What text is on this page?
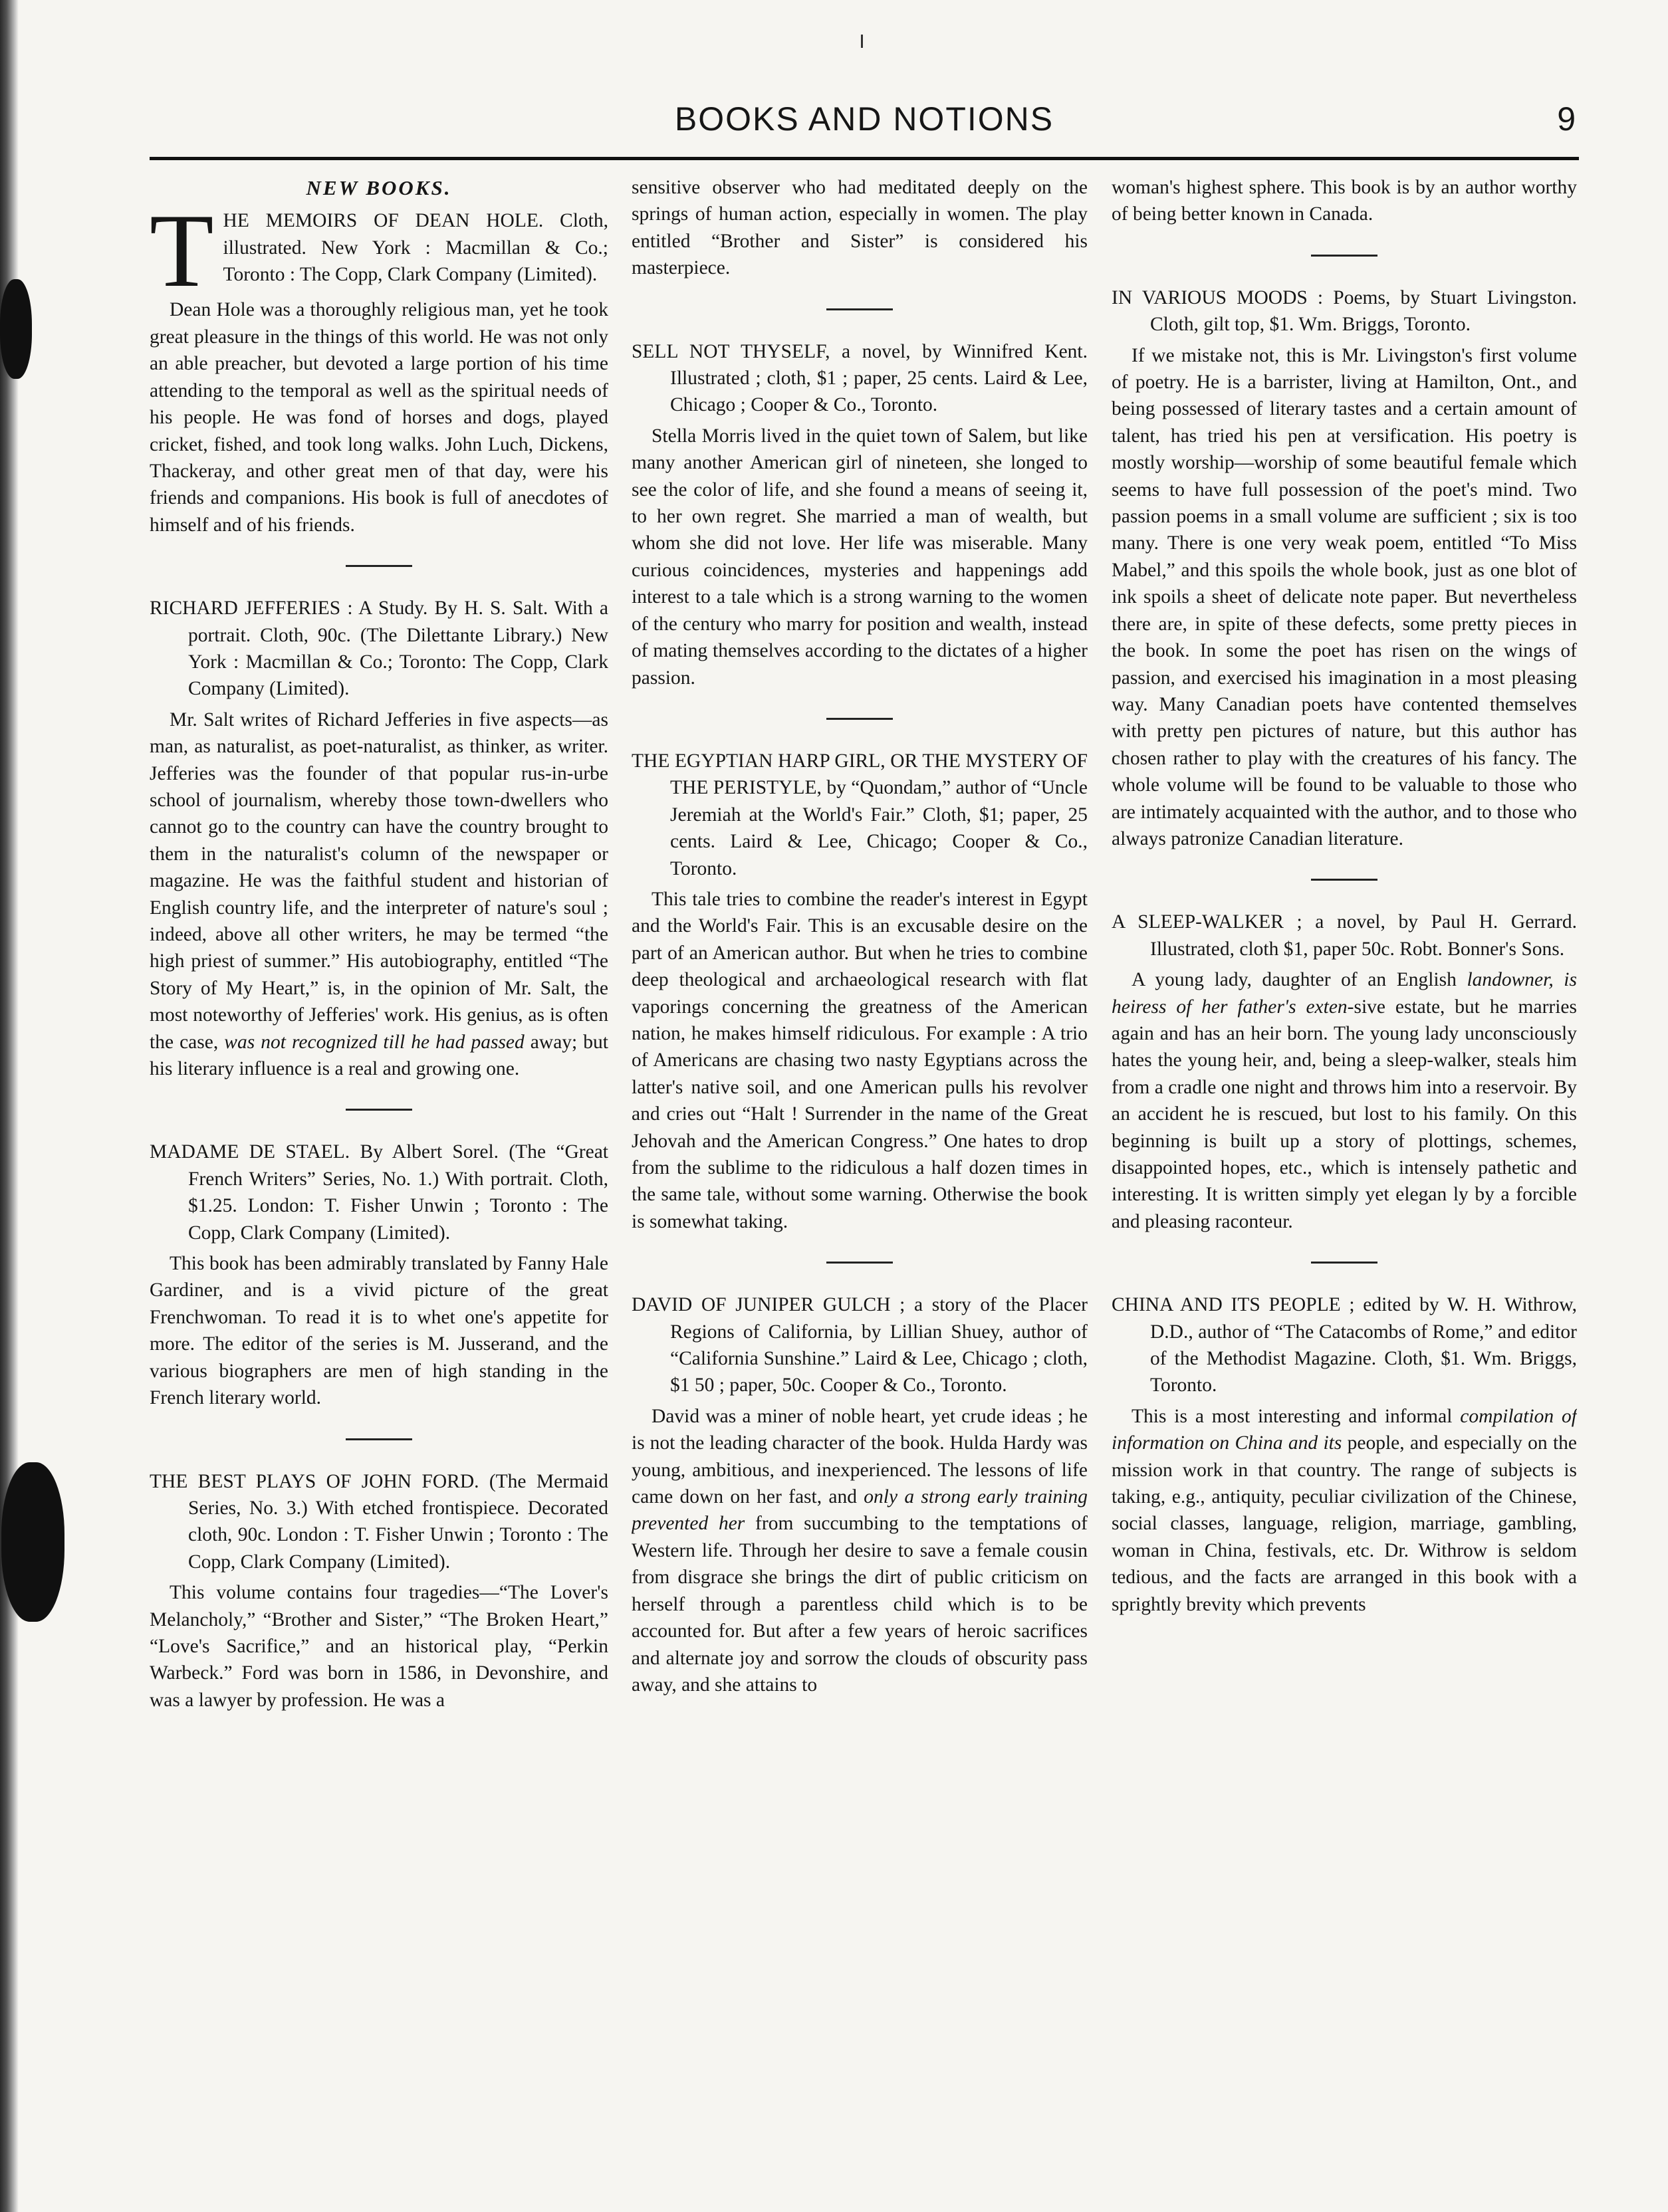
BOOKS AND NOTIONS	9
NEW BOOKS.

THE MEMOIRS OF DEAN HOLE. Cloth, illustrated. New York : Macmillan & Co.; Toronto : The Copp, Clark Company (Limited).

Dean Hole was a thoroughly religious man, yet he took great pleasure in the things of this world. He was not only an able preacher, but devoted a large portion of his time attending to the temporal as well as the spiritual needs of his people. He was fond of horses and dogs, played cricket, fished, and took long walks. John Luch, Dickens, Thackeray, and other great men of that day, were his friends and companions. His book is full of anecdotes of himself and of his friends.

RICHARD JEFFERIES : A Study. By H. S. Salt. With a portrait. Cloth, 90c. (The Dilettante Library.) New York : Macmillan & Co.; Toronto: The Copp, Clark Company (Limited).

Mr. Salt writes of Richard Jefferies in five aspects—as man, as naturalist, as poet-naturalist, as thinker, as writer. Jefferies was the founder of that popular rus-in-urbe school of journalism, whereby those town-dwellers who cannot go to the country can have the country brought to them in the naturalist's column of the newspaper or magazine. He was the faithful student and historian of English country life, and the interpreter of nature's soul ; indeed, above all other writers, he may be termed “the high priest of summer.” His autobiography, entitled “The Story of My Heart,” is, in the opinion of Mr. Salt, the most noteworthy of Jefferies' work. His genius, as is often the case, was not recognized till he had passed away; but his literary influence is a real and growing one.

MADAME DE STAEL. By Albert Sorel. (The “Great French Writers” Series, No. 1.) With portrait. Cloth, $1.25. London: T. Fisher Unwin ; Toronto : The Copp, Clark Company (Limited).

This book has been admirably translated by Fanny Hale Gardiner, and is a vivid picture of the great Frenchwoman. To read it is to whet one's appetite for more. The editor of the series is M. Jusserand, and the various biographers are men of high standing in the French literary world.

THE BEST PLAYS OF JOHN FORD. (The Mermaid Series, No. 3.) With etched frontispiece. Decorated cloth, 90c. London : T. Fisher Unwin ; Toronto : The Copp, Clark Company (Limited).

This volume contains four tragedies—“The Lover's Melancholy,” “Brother and Sister,” “The Broken Heart,” “Love's Sacrifice,” and an historical play, “Perkin Warbeck.” Ford was born in 1586, in Devonshire, and was a lawyer by profession. He was a

sensitive observer who had meditated deeply on the springs of human action, especially in women. The play entitled “Brother and Sister” is considered his masterpiece.

SELL NOT THYSELF, a novel, by Winnifred Kent. Illustrated ; cloth, $1 ; paper, 25 cents. Laird & Lee, Chicago ; Cooper & Co., Toronto.

Stella Morris lived in the quiet town of Salem, but like many another American girl of nineteen, she longed to see the color of life, and she found a means of seeing it, to her own regret. She married a man of wealth, but whom she did not love. Her life was miserable. Many curious coincidences, mysteries and happenings add interest to a tale which is a strong warning to the women of the century who marry for position and wealth, instead of mating themselves according to the dictates of a higher passion.

THE EGYPTIAN HARP GIRL, OR THE MYSTERY OF THE PERISTYLE, by “Quondam,” author of “Uncle Jeremiah at the World's Fair.” Cloth, $1; paper, 25 cents. Laird & Lee, Chicago; Cooper & Co., Toronto.

This tale tries to combine the reader's interest in Egypt and the World's Fair. This is an excusable desire on the part of an American author. But when he tries to combine deep theological and archaeological research with flat vaporings concerning the greatness of the American nation, he makes himself ridiculous. For example : A trio of Americans are chasing two nasty Egyptians across the latter's native soil, and one American pulls his revolver and cries out “Halt ! Surrender in the name of the Great Jehovah and the American Congress.” One hates to drop from the sublime to the ridiculous a half dozen times in the same tale, without some warning. Otherwise the book is somewhat taking.

DAVID OF JUNIPER GULCH ; a story of the Placer Regions of California, by Lillian Shuey, author of “California Sunshine.” Laird & Lee, Chicago ; cloth, $1 50 ; paper, 50c. Cooper & Co., Toronto.

David was a miner of noble heart, yet crude ideas ; he is not the leading character of the book. Hulda Hardy was young, ambitious, and inexperienced. The lessons of life came down on her fast, and only a strong early training prevented her from succumbing to the temptations of Western life. Through her desire to save a female cousin from disgrace she brings the dirt of public criticism on herself through a parentless child which is to be accounted for. But after a few years of heroic sacrifices and alternate joy and sorrow the clouds of obscurity pass away, and she attains to

woman's highest sphere. This book is by an author worthy of being better known in Canada.

IN VARIOUS MOODS : Poems, by Stuart Livingston. Cloth, gilt top, $1. Wm. Briggs, Toronto.

If we mistake not, this is Mr. Livingston's first volume of poetry. He is a barrister, living at Hamilton, Ont., and being possessed of literary tastes and a certain amount of talent, has tried his pen at versification. His poetry is mostly worship—worship of some beautiful female which seems to have full possession of the poet's mind. Two passion poems in a small volume are sufficient ; six is too many. There is one very weak poem, entitled “To Miss Mabel,” and this spoils the whole book, just as one blot of ink spoils a sheet of delicate note paper. But nevertheless there are, in spite of these defects, some pretty pieces in the book. In some the poet has risen on the wings of passion, and exercised his imagination in a most pleasing way. Many Canadian poets have contented themselves with pretty pen pictures of nature, but this author has chosen rather to play with the creatures of his fancy. The whole volume will be found to be valuable to those who are intimately acquainted with the author, and to those who always patronize Canadian literature.

A SLEEP-WALKER ; a novel, by Paul H. Gerrard. Illustrated, cloth $1, paper 50c. Robt. Bonner's Sons.

A young lady, daughter of an English landowner, is heiress of her father's exten-sive estate, but he marries again and has an heir born. The young lady unconsciously hates the young heir, and, being a sleep-walker, steals him from a cradle one night and throws him into a reservoir. By an accident he is rescued, but lost to his family. On this beginning is built up a story of plottings, schemes, disappointed hopes, etc., which is intensely pathetic and interesting. It is written simply yet elegan ly by a forcible and pleasing raconteur.

CHINA AND ITS PEOPLE ; edited by W. H. Withrow, D.D., author of “The Catacombs of Rome,” and editor of the Methodist Magazine. Cloth, $1. Wm. Briggs, Toronto.

This is a most interesting and informal compilation of information on China and its people, and especially on the mission work in that country. The range of subjects is taking, e.g., antiquity, peculiar civilization of the Chinese, social classes, language, religion, marriage, gambling, woman in China, festivals, etc. Dr. Withrow is seldom tedious, and the facts are arranged in this book with a sprightly brevity which prevents
